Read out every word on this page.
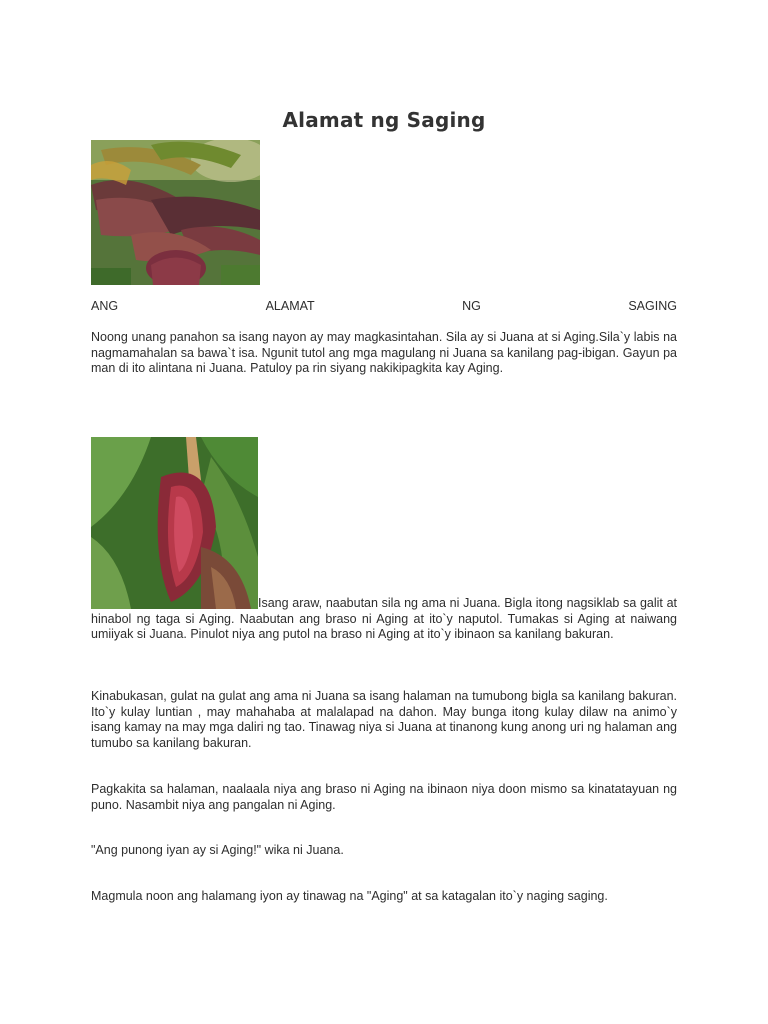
Alamat ng Saging
ANG	ALAMAT	NG	SAGING
Noong unang panahon sa isang nayon ay may magkasintahan. Sila ay si Juana at si Aging.Sila`y labis na nagmamahalan sa bawa`t isa. Ngunit tutol ang mga magulang ni Juana sa kanilang pag-ibigan. Gayun pa man di ito alintana ni Juana. Patuloy pa rin siyang nakikipagkita kay Aging.
Isang araw, naabutan sila ng ama ni Juana. Bigla itong nagsiklab sa galit at hinabol ng taga si Aging. Naabutan ang braso ni Aging at ito`y naputol. Tumakas si Aging at naiwang umiiyak si Juana. Pinulot niya ang putol na braso ni Aging at ito`y ibinaon sa kanilang bakuran.
Kinabukasan, gulat na gulat ang ama ni Juana sa isang halaman na tumubong bigla sa kanilang bakuran. Ito`y kulay luntian , may mahahaba at malalapad na dahon. May bunga itong kulay dilaw na animo`y isang kamay na may mga daliri ng tao. Tinawag niya si Juana at tinanong kung anong uri ng halaman ang tumubo sa kanilang bakuran.
Pagkakita sa halaman, naalaala niya ang braso ni Aging na ibinaon niya doon mismo sa kinatatayuan ng puno. Nasambit niya ang pangalan ni Aging.
"Ang punong iyan ay si Aging!" wika ni Juana.
Magmula noon ang halamang iyon ay tinawag na "Aging" at sa katagalan ito`y naging saging.
